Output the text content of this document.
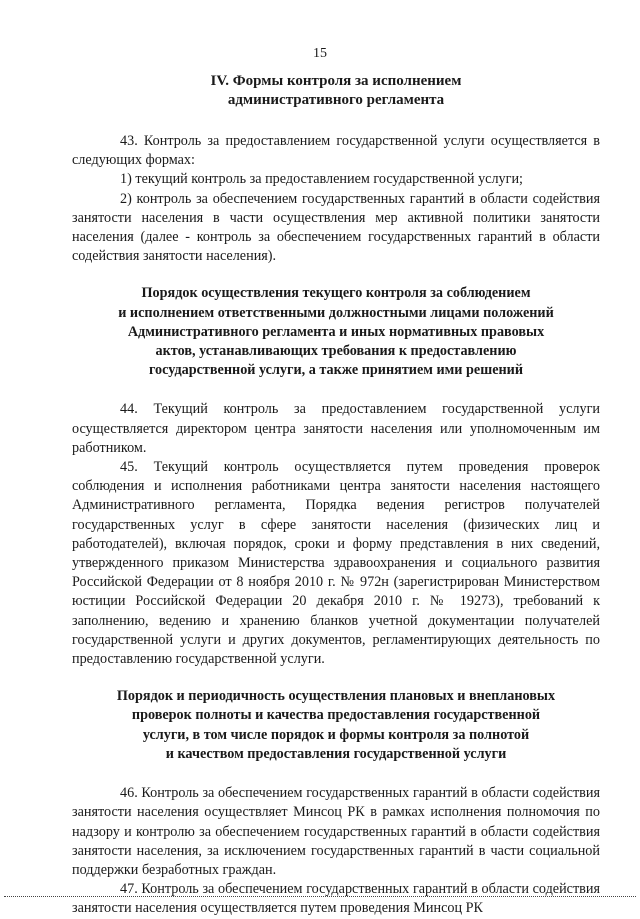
15
IV. Формы контроля за исполнением
административного регламента

43. Контроль за предоставлением государственной услуги осуществляется в следующих формах:

1) текущий контроль за предоставлением государственной услуги;

2) контроль за обеспечением государственных гарантий в области содействия занятости населения в части осуществления мер активной политики занятости населения (далее - контроль за обеспечением государственных гарантий в области содействия занятости населения).

Порядок осуществления текущего контроля за соблюдением
и исполнением ответственными должностными лицами положений
Административного регламента и иных нормативных правовых
актов, устанавливающих требования к предоставлению
государственной услуги, а также принятием ими решений

44. Текущий контроль за предоставлением государственной услуги осуществляется директором центра занятости населения или уполномоченным им работником.

45. Текущий контроль осуществляется путем проведения проверок соблюдения и исполнения работниками центра занятости населения настоящего Административного регламента, Порядка ведения регистров получателей государственных услуг в сфере занятости населения (физических лиц и работодателей), включая порядок, сроки и форму представления в них сведений, утвержденного приказом Министерства здравоохранения и социального развития Российской Федерации от 8 ноября 2010 г. № 972н (зарегистрирован Министерством юстиции Российской Федерации 20 декабря 2010 г. № 19273), требований к заполнению, ведению и хранению бланков учетной документации получателей государственной услуги и других документов, регламентирующих деятельность по предоставлению государственной услуги.

Порядок и периодичность осуществления плановых и внеплановых
проверок полноты и качества предоставления государственной
услуги, в том числе порядок и формы контроля за полнотой
и качеством предоставления государственной услуги

46. Контроль за обеспечением государственных гарантий в области содействия занятости населения осуществляет Минсоц РК в рамках исполнения полномочия по надзору и контролю за обеспечением государственных гарантий в области содействия занятости населения, за исключением государственных гарантий в части социальной поддержки безработных граждан.

47. Контроль за обеспечением государственных гарантий в области содействия занятости населения осуществляется путем проведения Минсоц РК
